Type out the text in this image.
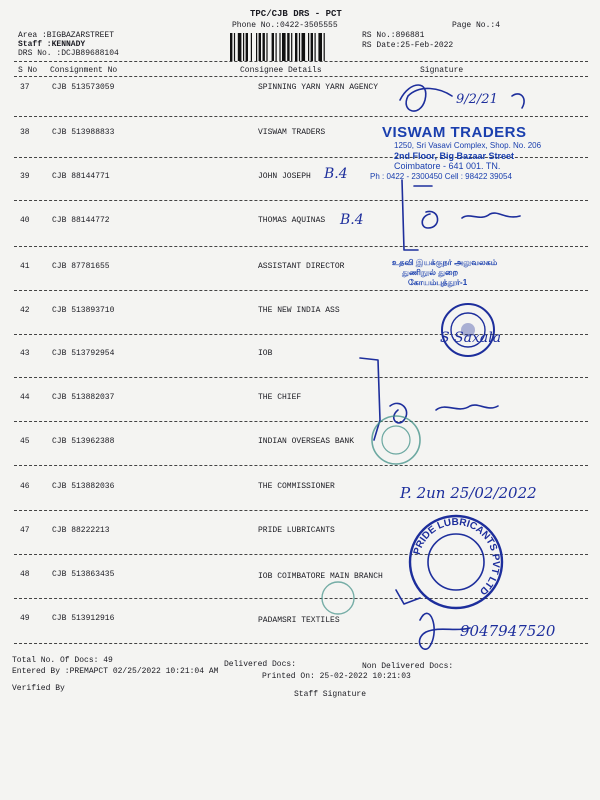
TPC/CJB DRS - PCT
Phone No.:0422-3505555	Page No.:4
Area :BIGBAZARSTREET
Staff :KENNADY
DRS No. :DCJB89688104
RS No.:896881
RS Date:25-Feb-2022
S No Consignment No	Consignee Details	Signature
37	CJB 513573059	SPINNING YARN YARN AGENCY
38	CJB 513988833	VISWAM TRADERS
39	CJB 88144771	JOHN JOSEPH
40	CJB 88144772	THOMAS AQUINAS
41	CJB 87781655	ASSISTANT DIRECTOR
42	CJB 513893710	THE NEW INDIA ASS
43	CJB 513792954	IOB
44	CJB 513882037	THE CHIEF
45	CJB 513962388	INDIAN OVERSEAS BANK
46	CJB 513882036	THE COMMISSIONER
47	CJB 88222213	PRIDE LUBRICANTS
48	CJB 513863435	IOB COIMBATORE MAIN BRANCH
49	CJB 513912916	PADAMSRI TEXTILES
VISWAM TRADERS
1250, Sri Vasavi Complex, Shop. No. 206
2nd Floor, Big Bazaar Street
Coimbatore - 641 001. TN.
Ph : 0422 - 2300450 Cell : 98422 39054
உதவி இயக்குநர் அலுவலகம்
துணிநூல் துறை
கோயம்புத்தூர்-1
9/2/21
B.4
B.4
S Saxala
P. 2un 25/02/2022
9047947520
PRIDE LUBRICANTS PVT LTD
Total No. Of Docs: 49	Delivered Docs:	Non Delivered Docs:
Entered By :PREMAPCT 02/25/2022 10:21:04 AM
Printed On: 25-02-2022 10:21:03
Verified By
Staff Signature
